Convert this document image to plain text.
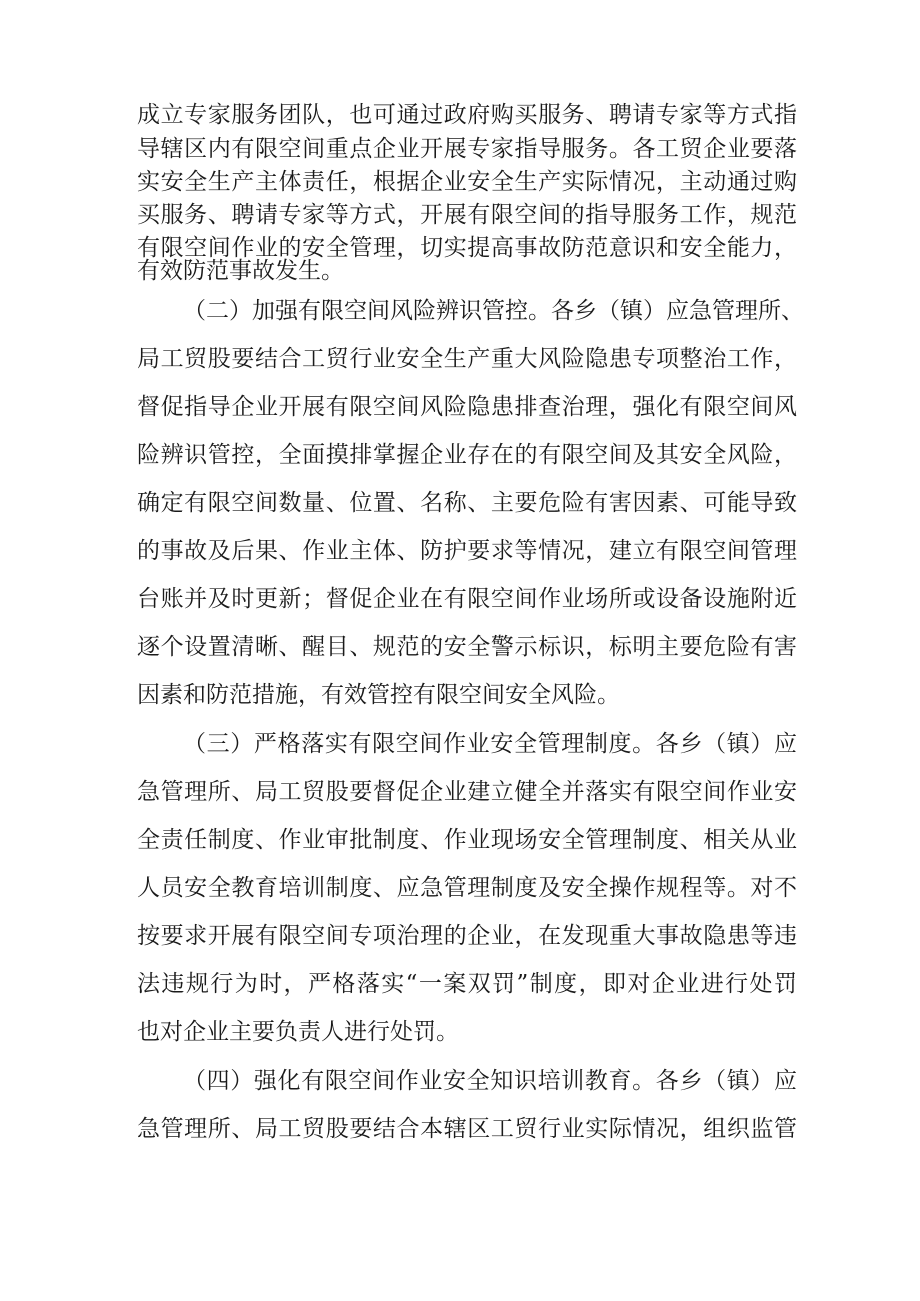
成立专家服务团队，也可通过政府购买服务、聘请专家等方式指
导辖区内有限空间重点企业开展专家指导服务。各工贸企业要落
实安全生产主体责任，根据企业安全生产实际情况，主动通过购
买服务、聘请专家等方式，开展有限空间的指导服务工作，规范
有限空间作业的安全管理，切实提高事故防范意识和安全能力，
有效防范事故发生。
（二）加强有限空间风险辨识管控。各乡（镇）应急管理所、
局工贸股要结合工贸行业安全生产重大风险隐患专项整治工作，
督促指导企业开展有限空间风险隐患排查治理，强化有限空间风
险辨识管控，全面摸排掌握企业存在的有限空间及其安全风险，
确定有限空间数量、位置、名称、主要危险有害因素、可能导致
的事故及后果、作业主体、防护要求等情况，建立有限空间管理
台账并及时更新；督促企业在有限空间作业场所或设备设施附近
逐个设置清晰、醒目、规范的安全警示标识，标明主要危险有害
因素和防范措施，有效管控有限空间安全风险。
（三）严格落实有限空间作业安全管理制度。各乡（镇）应
急管理所、局工贸股要督促企业建立健全并落实有限空间作业安
全责任制度、作业审批制度、作业现场安全管理制度、相关从业
人员安全教育培训制度、应急管理制度及安全操作规程等。对不
按要求开展有限空间专项治理的企业，在发现重大事故隐患等违
法违规行为时，严格落实“一案双罚”制度，即对企业进行处罚
也对企业主要负责人进行处罚。
（四）强化有限空间作业安全知识培训教育。各乡（镇）应
急管理所、局工贸股要结合本辖区工贸行业实际情况，组织监管
